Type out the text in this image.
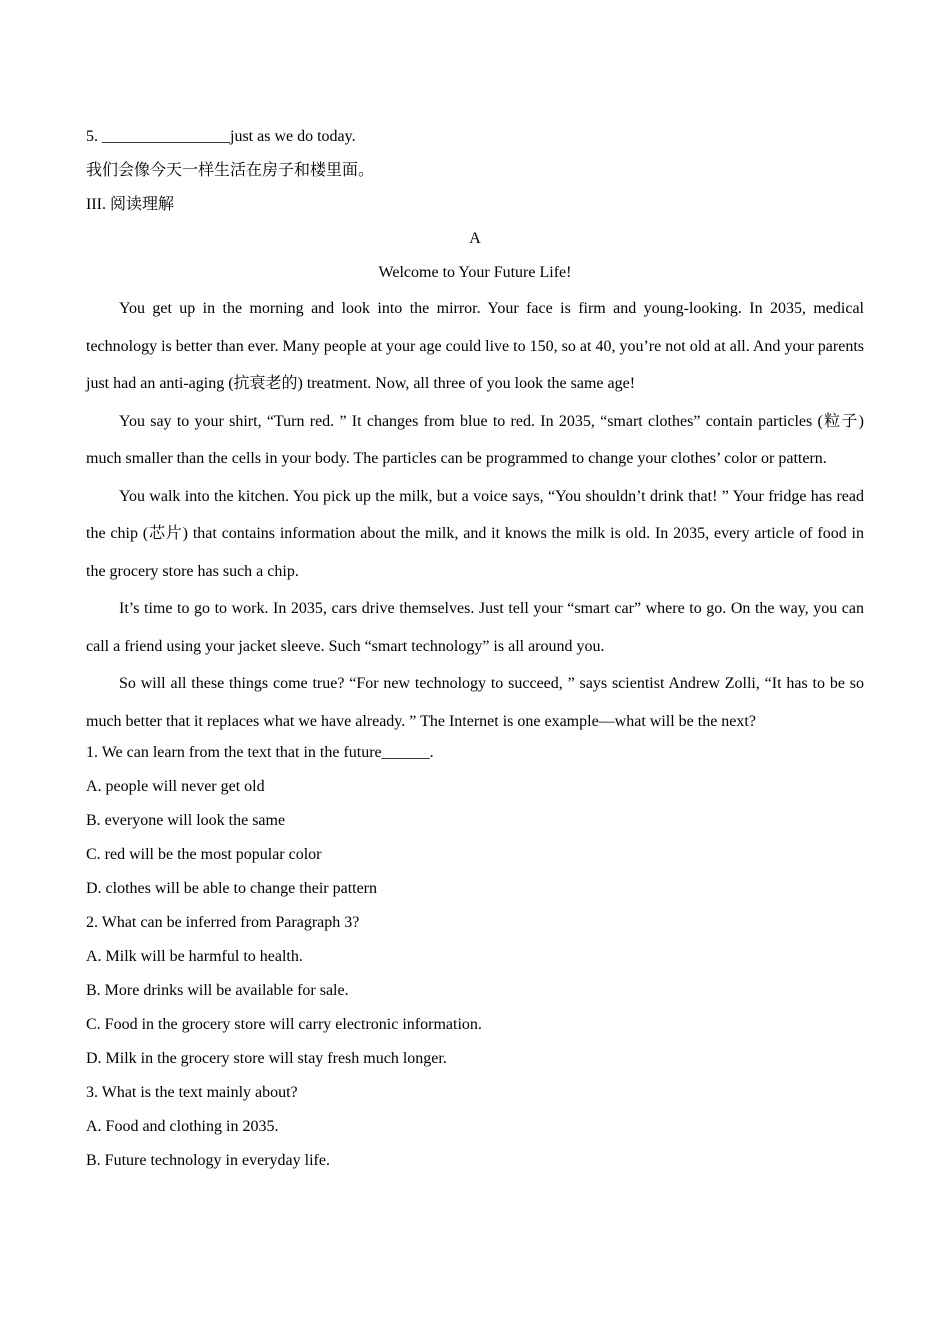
5. ________________just as we do today.
我们会像今天一样生活在房子和楼里面。
III. 阅读理解
A
Welcome to Your Future Life!

You get up in the morning and look into the mirror. Your face is firm and young-looking. In 2035, medical technology is better than ever. Many people at your age could live to 150, so at 40, you’re not old at all. And your parents just had an anti-aging (抗衰老的) treatment. Now, all three of you look the same age!

You say to your shirt, “Turn red. ” It changes from blue to red. In 2035, “smart clothes” contain particles (粒子) much smaller than the cells in your body. The particles can be programmed to change your clothes’ color or pattern.

You walk into the kitchen. You pick up the milk, but a voice says, “You shouldn’t drink that! ” Your fridge has read the chip (芯片) that contains information about the milk, and it knows the milk is old. In 2035, every article of food in the grocery store has such a chip.

It’s time to go to work. In 2035, cars drive themselves. Just tell your “smart car” where to go. On the way, you can call a friend using your jacket sleeve. Such “smart technology” is all around you.

So will all these things come true? “For new technology to succeed, ” says scientist Andrew Zolli, “It has to be so much better that it replaces what we have already. ” The Internet is one example—what will be the next?

1. We can learn from the text that in the future______.
A. people will never get old
B. everyone will look the same
C. red will be the most popular color
D. clothes will be able to change their pattern
2. What can be inferred from Paragraph 3?
A. Milk will be harmful to health.
B. More drinks will be available for sale.
C. Food in the grocery store will carry electronic information.
D. Milk in the grocery store will stay fresh much longer.
3. What is the text mainly about?
A. Food and clothing in 2035.
B. Future technology in everyday life.
